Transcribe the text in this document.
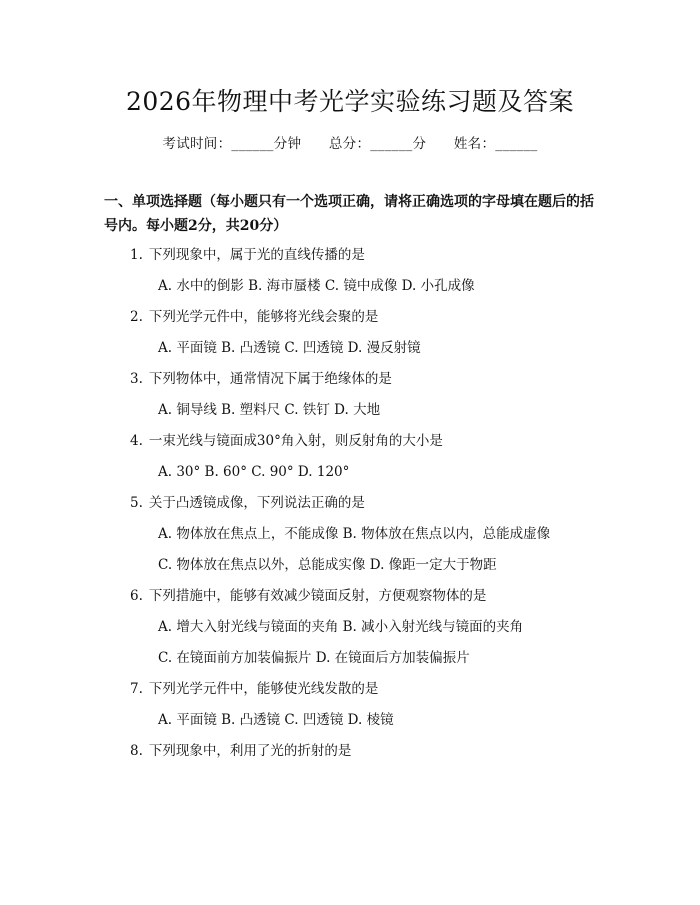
2026年物理中考光学实验练习题及答案
考试时间：______分钟      总分：______分      姓名：______
一、单项选择题（每小题只有一个选项正确，请将正确选项的字母填在题后的括号内。每小题2分，共20分）
1. 下列现象中，属于光的直线传播的是
A. 水中的倒影 B. 海市蜃楼 C. 镜中成像 D. 小孔成像
2. 下列光学元件中，能够将光线会聚的是
A. 平面镜 B. 凸透镜 C. 凹透镜 D. 漫反射镜
3. 下列物体中，通常情况下属于绝缘体的是
A. 铜导线 B. 塑料尺 C. 铁钉 D. 大地
4. 一束光线与镜面成30°角入射，则反射角的大小是
A. 30° B. 60° C. 90° D. 120°
5. 关于凸透镜成像，下列说法正确的是
A. 物体放在焦点上，不能成像 B. 物体放在焦点以内，总能成虚像
C. 物体放在焦点以外，总能成实像 D. 像距一定大于物距
6. 下列措施中，能够有效减少镜面反射，方便观察物体的是
A. 增大入射光线与镜面的夹角 B. 减小入射光线与镜面的夹角
C. 在镜面前方加装偏振片 D. 在镜面后方加装偏振片
7. 下列光学元件中，能够使光线发散的是
A. 平面镜 B. 凸透镜 C. 凹透镜 D. 棱镜
8. 下列现象中，利用了光的折射的是
